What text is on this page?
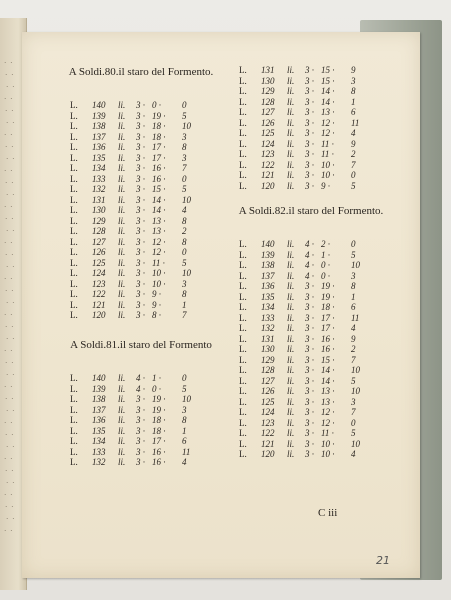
· ·
· ·
· ·
· ·
· ·
· ·
· ·
· ·
· ·
· ·
· ·
· ·
· ·
· ·
· ·
· ·
· ·
· ·
· ·
· ·
· ·
· ·
· ·
· ·
· ·
· ·
· ·
· ·
· ·
· ·
· ·
· ·
· ·
· ·
· ·
· ·
· ·
· ·
· ·
· ·
A Soldi.80.il staro del Formento.
L. 140 li. 3 · 0 · 0
L. 139 li. 3 · 19 · 5
L. 138 li. 3 · 18 · 10
L. 137 li. 3 · 18 · 3
L. 136 li. 3 · 17 · 8
L. 135 li. 3 · 17 · 3
L. 134 li. 3 · 16 · 7
L. 133 li. 3 · 16 · 0
L. 132 li. 3 · 15 · 5
L. 131 li. 3 · 14 · 10
L. 130 li. 3 · 14 · 4
L. 129 li. 3 · 13 · 8
L. 128 li. 3 · 13 · 2
L. 127 li. 3 · 12 · 8
L. 126 li. 3 · 12 · 0
L. 125 li. 3 · 11 · 5
L. 124 li. 3 · 10 · 10
L. 123 li. 3 · 10 · 3
L. 122 li. 3 · 9 · 8
L. 121 li. 3 · 9 · 1
L. 120 li. 3 · 8 · 7
A Soldi.81.il staro del Formento
L. 140 li. 4 · 1 · 0
L. 139 li. 4 · 0 · 5
L. 138 li. 3 · 19 · 10
L. 137 li. 3 · 19 · 3
L. 136 li. 3 · 18 · 8
L. 135 li. 3 · 18 · 1
L. 134 li. 3 · 17 · 6
L. 133 li. 3 · 16 · 11
L. 132 li. 3 · 16 · 4
L. 131 li. 3 · 15 · 9
L. 130 li. 3 · 15 · 3
L. 129 li. 3 · 14 · 8
L. 128 li. 3 · 14 · 1
L. 127 li. 3 · 13 · 6
L. 126 li. 3 · 12 · 11
L. 125 li. 3 · 12 · 4
L. 124 li. 3 · 11 · 9
L. 123 li. 3 · 11 · 2
L. 122 li. 3 · 10 · 7
L. 121 li. 3 · 10 · 0
L. 120 li. 3 · 9 · 5
A Soldi.82.il staro del Formento.
L. 140 li. 4 · 2 · 0
L. 139 li. 4 · 1 · 5
L. 138 li. 4 · 0 · 10
L. 137 li. 4 · 0 · 3
L. 136 li. 3 · 19 · 8
L. 135 li. 3 · 19 · 1
L. 134 li. 3 · 18 · 6
L. 133 li. 3 · 17 · 11
L. 132 li. 3 · 17 · 4
L. 131 li. 3 · 16 · 9
L. 130 li. 3 · 16 · 2
L. 129 li. 3 · 15 · 7
L. 128 li. 3 · 14 · 10
L. 127 li. 3 · 14 · 5
L. 126 li. 3 · 13 · 10
L. 125 li. 3 · 13 · 3
L. 124 li. 3 · 12 · 7
L. 123 li. 3 · 12 · 0
L. 122 li. 3 · 11 · 5
L. 121 li. 3 · 10 · 10
L. 120 li. 3 · 10 · 4
C iii
21
